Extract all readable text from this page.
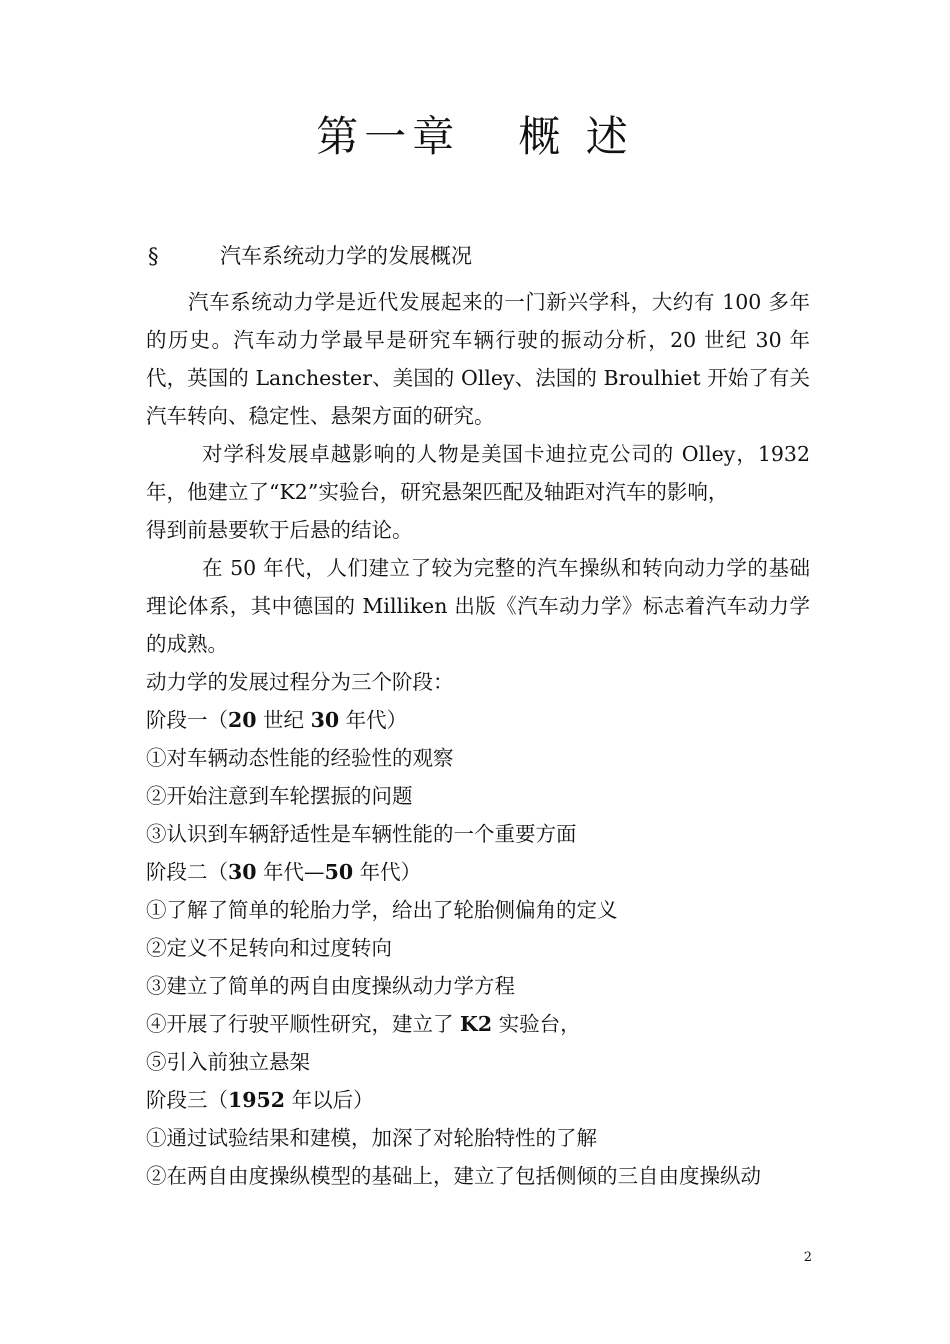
第一章   概 述
§	汽车系统动力学的发展概况

汽车系统动力学是近代发展起来的一门新兴学科，大约有 100 多年的历史。汽车动力学最早是研究车辆行驶的振动分析，20 世纪 30 年代，英国的 Lanchester、美国的 Olley、法国的 Broulhiet 开始了有关汽车转向、稳定性、悬架方面的研究。

对学科发展卓越影响的人物是美国卡迪拉克公司的 Olley，1932 年，他建立了“K2”实验台，研究悬架匹配及轴距对汽车的影响，

得到前悬要软于后悬的结论。

在 50 年代，人们建立了较为完整的汽车操纵和转向动力学的基础理论体系，其中德国的 Milliken 出版《汽车动力学》标志着汽车动力学的成熟。

动力学的发展过程分为三个阶段：

阶段一（20 世纪 30 年代）

①对车辆动态性能的经验性的观察

②开始注意到车轮摆振的问题

③认识到车辆舒适性是车辆性能的一个重要方面

阶段二（30 年代—50 年代）

①了解了简单的轮胎力学，给出了轮胎侧偏角的定义

②定义不足转向和过度转向

③建立了简单的两自由度操纵动力学方程

④开展了行驶平顺性研究，建立了 K2 实验台，

⑤引入前独立悬架

阶段三（1952 年以后）

①通过试验结果和建模，加深了对轮胎特性的了解

②在两自由度操纵模型的基础上，建立了包括侧倾的三自由度操纵动

2
